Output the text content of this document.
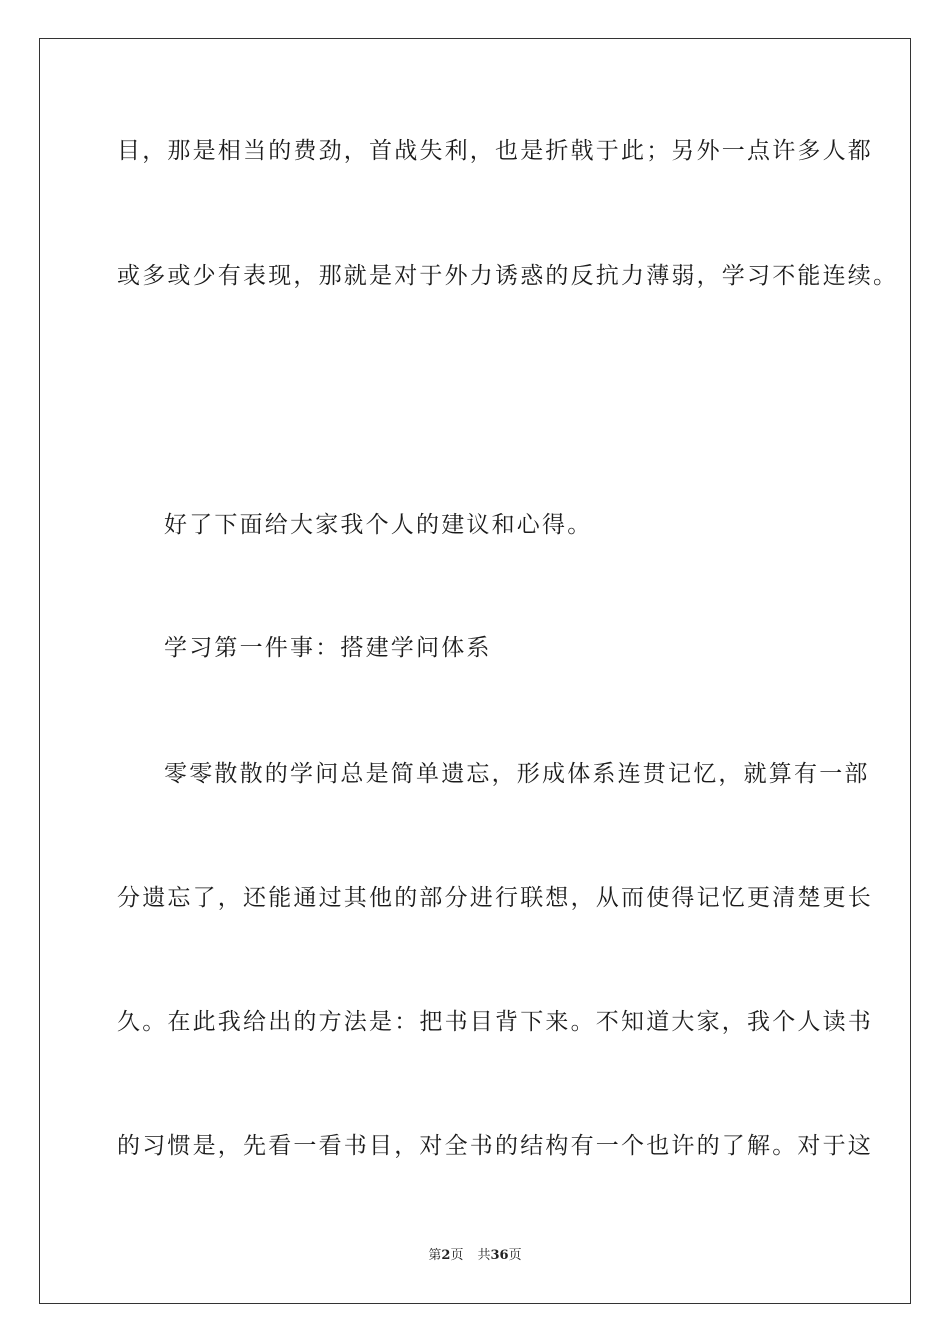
目，那是相当的费劲，首战失利，也是折戟于此；另外一点许多人都
或多或少有表现，那就是对于外力诱惑的反抗力薄弱，学习不能连续。
好了下面给大家我个人的建议和心得。
学习第一件事：搭建学问体系
零零散散的学问总是简单遗忘，形成体系连贯记忆，就算有一部
分遗忘了，还能通过其他的部分进行联想，从而使得记忆更清楚更长
久。在此我给出的方法是：把书目背下来。不知道大家，我个人读书
的习惯是，先看一看书目，对全书的结构有一个也许的了解。对于这
第2页 共36页
